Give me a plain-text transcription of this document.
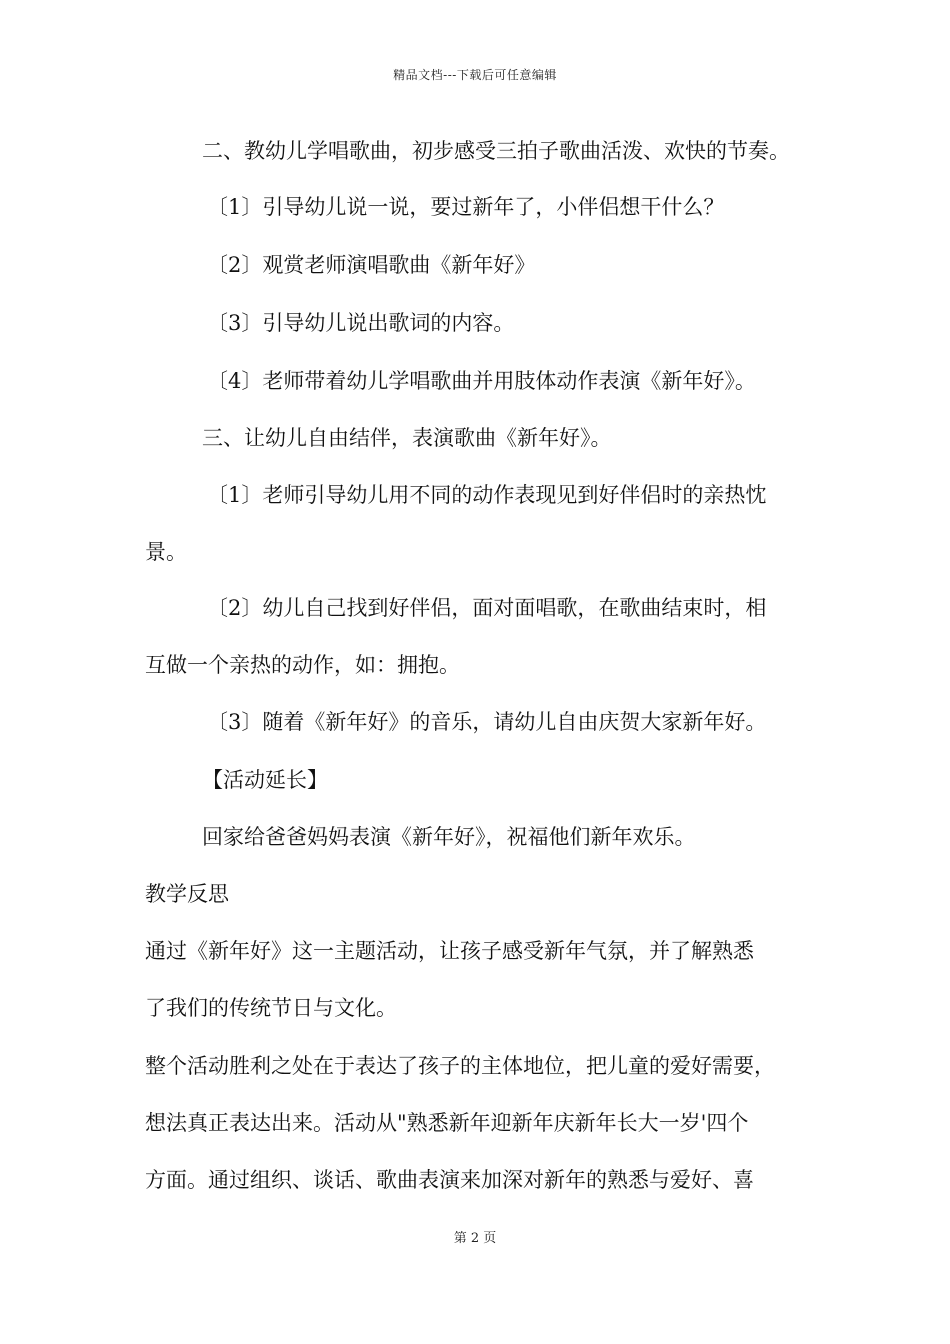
精品文档---下载后可任意编辑
二、教幼儿学唱歌曲，初步感受三拍子歌曲活泼、欢快的节奏。
〔1〕引导幼儿说一说，要过新年了，小伴侣想干什么？
〔2〕观赏老师演唱歌曲《新年好》
〔3〕引导幼儿说出歌词的内容。
〔4〕老师带着幼儿学唱歌曲并用肢体动作表演《新年好》。
三、让幼儿自由结伴，表演歌曲《新年好》。
〔1〕老师引导幼儿用不同的动作表现见到好伴侣时的亲热忱
景。
〔2〕幼儿自己找到好伴侣，面对面唱歌，在歌曲结束时，相
互做一个亲热的动作，如：拥抱。
〔3〕随着《新年好》的音乐，请幼儿自由庆贺大家新年好。
【活动延长】
回家给爸爸妈妈表演《新年好》，祝福他们新年欢乐。
教学反思
通过《新年好》这一主题活动，让孩子感受新年气氛，并了解熟悉
了我们的传统节日与文化。
整个活动胜利之处在于表达了孩子的主体地位，把儿童的爱好需要，
想法真正表达出来。活动从"熟悉新年迎新年庆新年长大一岁'四个
方面。通过组织、谈话、歌曲表演来加深对新年的熟悉与爱好、喜
第 2 页
